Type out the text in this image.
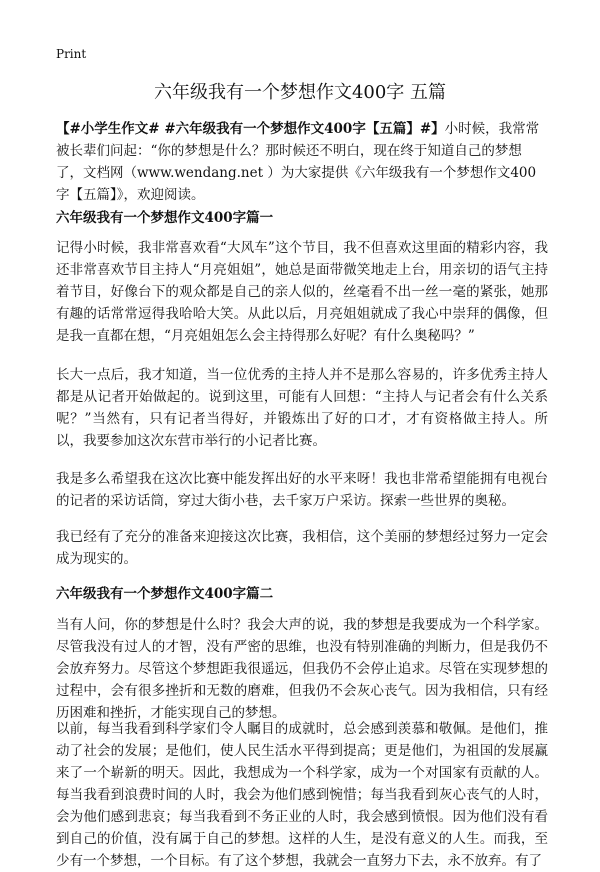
Print
六年级我有一个梦想作文400字 五篇

【#小学生作文# #六年级我有一个梦想作文400字【五篇】#】小时候，我常常被长辈们问起：“你的梦想是什么？那时候还不明白，现在终于知道自己的梦想了，文档网（www.wendang.net ）为大家提供《六年级我有一个梦想作文400字【五篇】》，欢迎阅读。

六年级我有一个梦想作文400字篇一

记得小时候，我非常喜欢看“大风车”这个节目，我不但喜欢这里面的精彩内容，我还非常喜欢节目主持人“月亮姐姐”，她总是面带微笑地走上台，用亲切的语气主持着节目，好像台下的观众都是自己的亲人似的，丝毫看不出一丝一毫的紧张，她那有趣的话常常逗得我哈哈大笑。从此以后，月亮姐姐就成了我心中崇拜的偶像，但是我一直都在想，“月亮姐姐怎么会主持得那么好呢？有什么奥秘吗？”

长大一点后，我才知道，当一位优秀的主持人并不是那么容易的，许多优秀主持人都是从记者开始做起的。说到这里，可能有人回想：“主持人与记者会有什么关系呢？”当然有，只有记者当得好，并锻炼出了好的口才，才有资格做主持人。所以，我要参加这次东营市举行的小记者比赛。

我是多么希望我在这次比赛中能发挥出好的水平来呀！我也非常希望能拥有电视台的记者的采访话筒，穿过大街小巷，去千家万户采访。探索一些世界的奥秘。

我已经有了充分的准备来迎接这次比赛，我相信，这个美丽的梦想经过努力一定会成为现实的。

六年级我有一个梦想作文400字篇二

当有人问，你的梦想是什么时？我会大声的说，我的梦想是我要成为一个科学家。尽管我没有过人的才智，没有严密的思维，也没有特别准确的判断力，但是我仍不会放弃努力。尽管这个梦想距我很遥远，但我仍不会停止追求。尽管在实现梦想的过程中，会有很多挫折和无数的磨难，但我仍不会灰心丧气。因为我相信，只有经历困难和挫折，才能实现自己的梦想。

以前，每当我看到科学家们令人瞩目的成就时，总会感到羡慕和敬佩。是他们，推动了社会的发展；是他们，使人民生活水平得到提高；更是他们，为祖国的发展赢来了一个崭新的明天。因此，我想成为一个科学家，成为一个对国家有贡献的人。每当我看到浪费时间的人时，我会为他们感到惋惜；每当我看到灰心丧气的人时，会为他们感到悲哀；每当我看到不务正业的人时，我会感到愤恨。因为他们没有看到自己的价值，没有属于自己的梦想。这样的人生，是没有意义的人生。而我，至少有一个梦想，一个目标。有了这个梦想，我就会一直努力下去，永不放弃。有了
